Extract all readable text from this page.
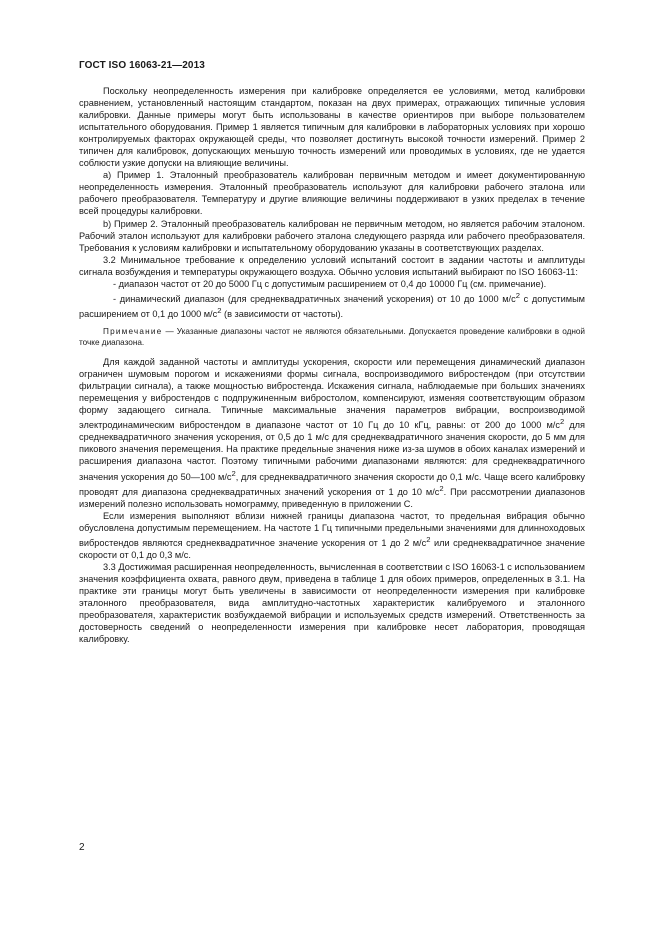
ГОСТ ISO 16063-21—2013

Поскольку неопределенность измерения при калибровке определяется ее условиями, метод калибровки сравнением, установленный настоящим стандартом, показан на двух примерах, отражающих типичные условия калибровки. Данные примеры могут быть использованы в качестве ориентиров при выборе пользователем испытательного оборудования. Пример 1 является типичным для калибровки в лабораторных условиях при хорошо контролируемых факторах окружающей среды, что позволяет достигнуть высокой точности измерений. Пример 2 типичен для калибровок, допускающих меньшую точность измерений или проводимых в условиях, где не удается соблюсти узкие допуски на влияющие величины.

a) Пример 1. Эталонный преобразователь калиброван первичным методом и имеет документированную неопределенность измерения. Эталонный преобразователь используют для калибровки рабочего эталона или рабочего преобразователя. Температуру и другие влияющие величины поддерживают в узких пределах в течение всей процедуры калибровки.

b) Пример 2. Эталонный преобразователь калиброван не первичным методом, но является рабочим эталоном. Рабочий эталон используют для калибровки рабочего эталона следующего разряда или рабочего преобразователя. Требования к условиям калибровки и испытательному оборудованию указаны в соответствующих разделах.

3.2 Минимальное требование к определению условий испытаний состоит в задании частоты и амплитуды сигнала возбуждения и температуры окружающего воздуха. Обычно условия испытаний выбирают по ISO 16063-11:

- диапазон частот от 20 до 5000 Гц с допустимым расширением от 0,4 до 10000 Гц (см. примечание).

- динамический диапазон (для среднеквадратичных значений ускорения) от 10 до 1000 $м/с^2$ с допустимым расширением от 0,1 до 1000 $м/с^2$ (в зависимости от частоты).

Примечание — Указанные диапазоны частот не являются обязательными. Допускается проведение калибровки в одной точке диапазона.

Для каждой заданной частоты и амплитуды ускорения, скорости или перемещения динамический диапазон ограничен шумовым порогом и искажениями формы сигнала, воспроизводимого вибростендом (при отсутствии фильтрации сигнала), а также мощностью вибростенда. Искажения сигнала, наблюдаемые при больших значениях перемещения у вибростендов с подпружиненным вибростолом, компенсируют, изменяя соответствующим образом форму задающего сигнала. Типичные максимальные значения параметров вибрации, воспроизводимой электродинамическим вибростендом в диапазоне частот от 10 Гц до 10 кГц, равны: от 200 до 1000 $м/с^2$ для среднеквадратичного значения ускорения, от 0,5 до 1 м/с для среднеквадратичного значения скорости, до 5 мм для пикового значения перемещения. На практике предельные значения ниже из-за шумов в обоих каналах измерений и расширения диапазона частот. Поэтому типичными рабочими диапазонами являются: для среднеквадратичного значения ускорения до 50—100 $м/с^2$, для среднеквадратичного значения скорости до 0,1 м/с. Чаще всего калибровку проводят для диапазона среднеквадратичных значений ускорения от 1 до 10 $м/с^2$. При рассмотрении диапазонов измерений полезно использовать номограмму, приведенную в приложении С.

Если измерения выполняют вблизи нижней границы диапазона частот, то предельная вибрация обычно обусловлена допустимым перемещением. На частоте 1 Гц типичными предельными значениями для длинноходовых вибростендов являются среднеквадратичное значение ускорения от 1 до 2 $м/с^2$ или среднеквадратичное значение скорости от 0,1 до 0,3 м/с.

3.3 Достижимая расширенная неопределенность, вычисленная в соответствии с ISO 16063-1 с использованием значения коэффициента охвата, равного двум, приведена в таблице 1 для обоих примеров, определенных в 3.1. На практике эти границы могут быть увеличены в зависимости от неопределенности измерения при калибровке эталонного преобразователя, вида амплитудно-частотных характеристик калибруемого и эталонного преобразователя, характеристик возбуждаемой вибрации и используемых средств измерений. Ответственность за достоверность сведений о неопределенности измерения при калибровке несет лаборатория, проводящая калибровку.

2
